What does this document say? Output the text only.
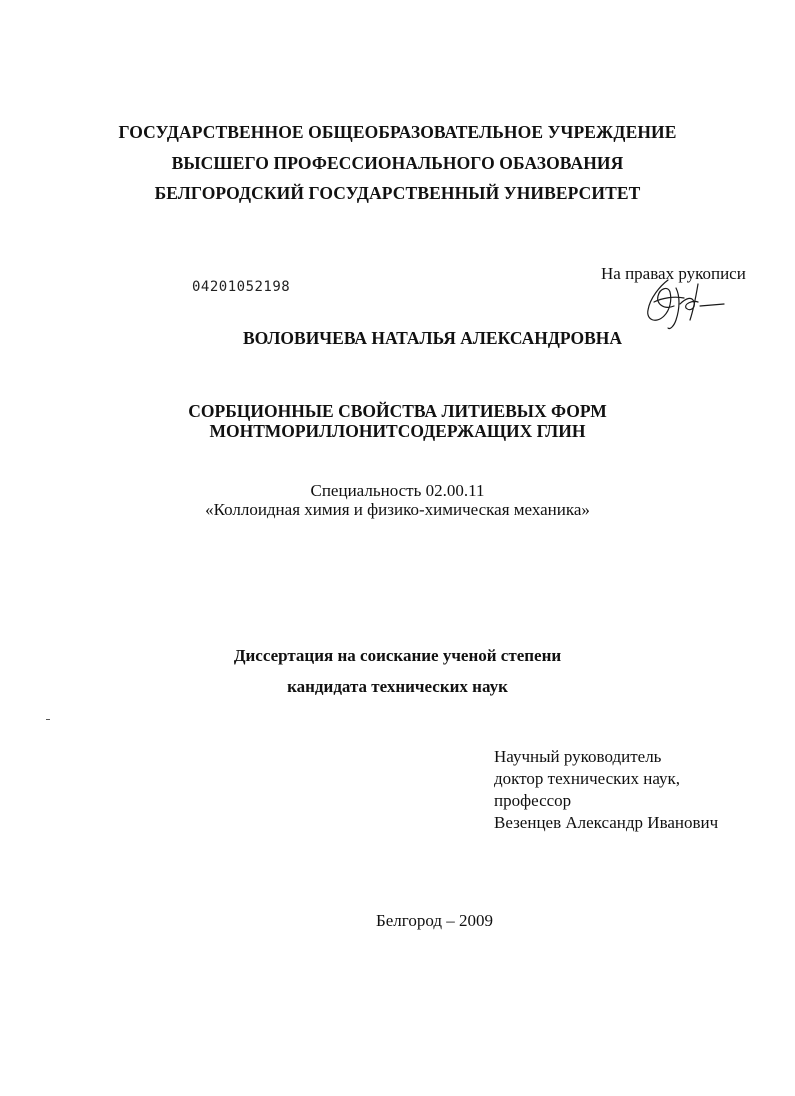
ГОСУДАРСТВЕННОЕ ОБЩЕОБРАЗОВАТЕЛЬНОЕ УЧРЕЖДЕНИЕ
ВЫСШЕГО ПРОФЕССИОНАЛЬНОГО ОБАЗОВАНИЯ
БЕЛГОРОДСКИЙ ГОСУДАРСТВЕННЫЙ УНИВЕРСИТЕТ
04201052198
На правах рукописи
ВОЛОВИЧЕВА НАТАЛЬЯ АЛЕКСАНДРОВНА
СОРБЦИОННЫЕ СВОЙСТВА ЛИТИЕВЫХ ФОРМ
МОНТМОРИЛЛОНИТСОДЕРЖАЩИХ ГЛИН
Специальность 02.00.11
«Коллоидная химия и физико-химическая механика»
Диссертация на соискание ученой степени
кандидата технических наук
Научный руководитель
доктор технических наук,
профессор
Везенцев Александр Иванович
Белгород – 2009
